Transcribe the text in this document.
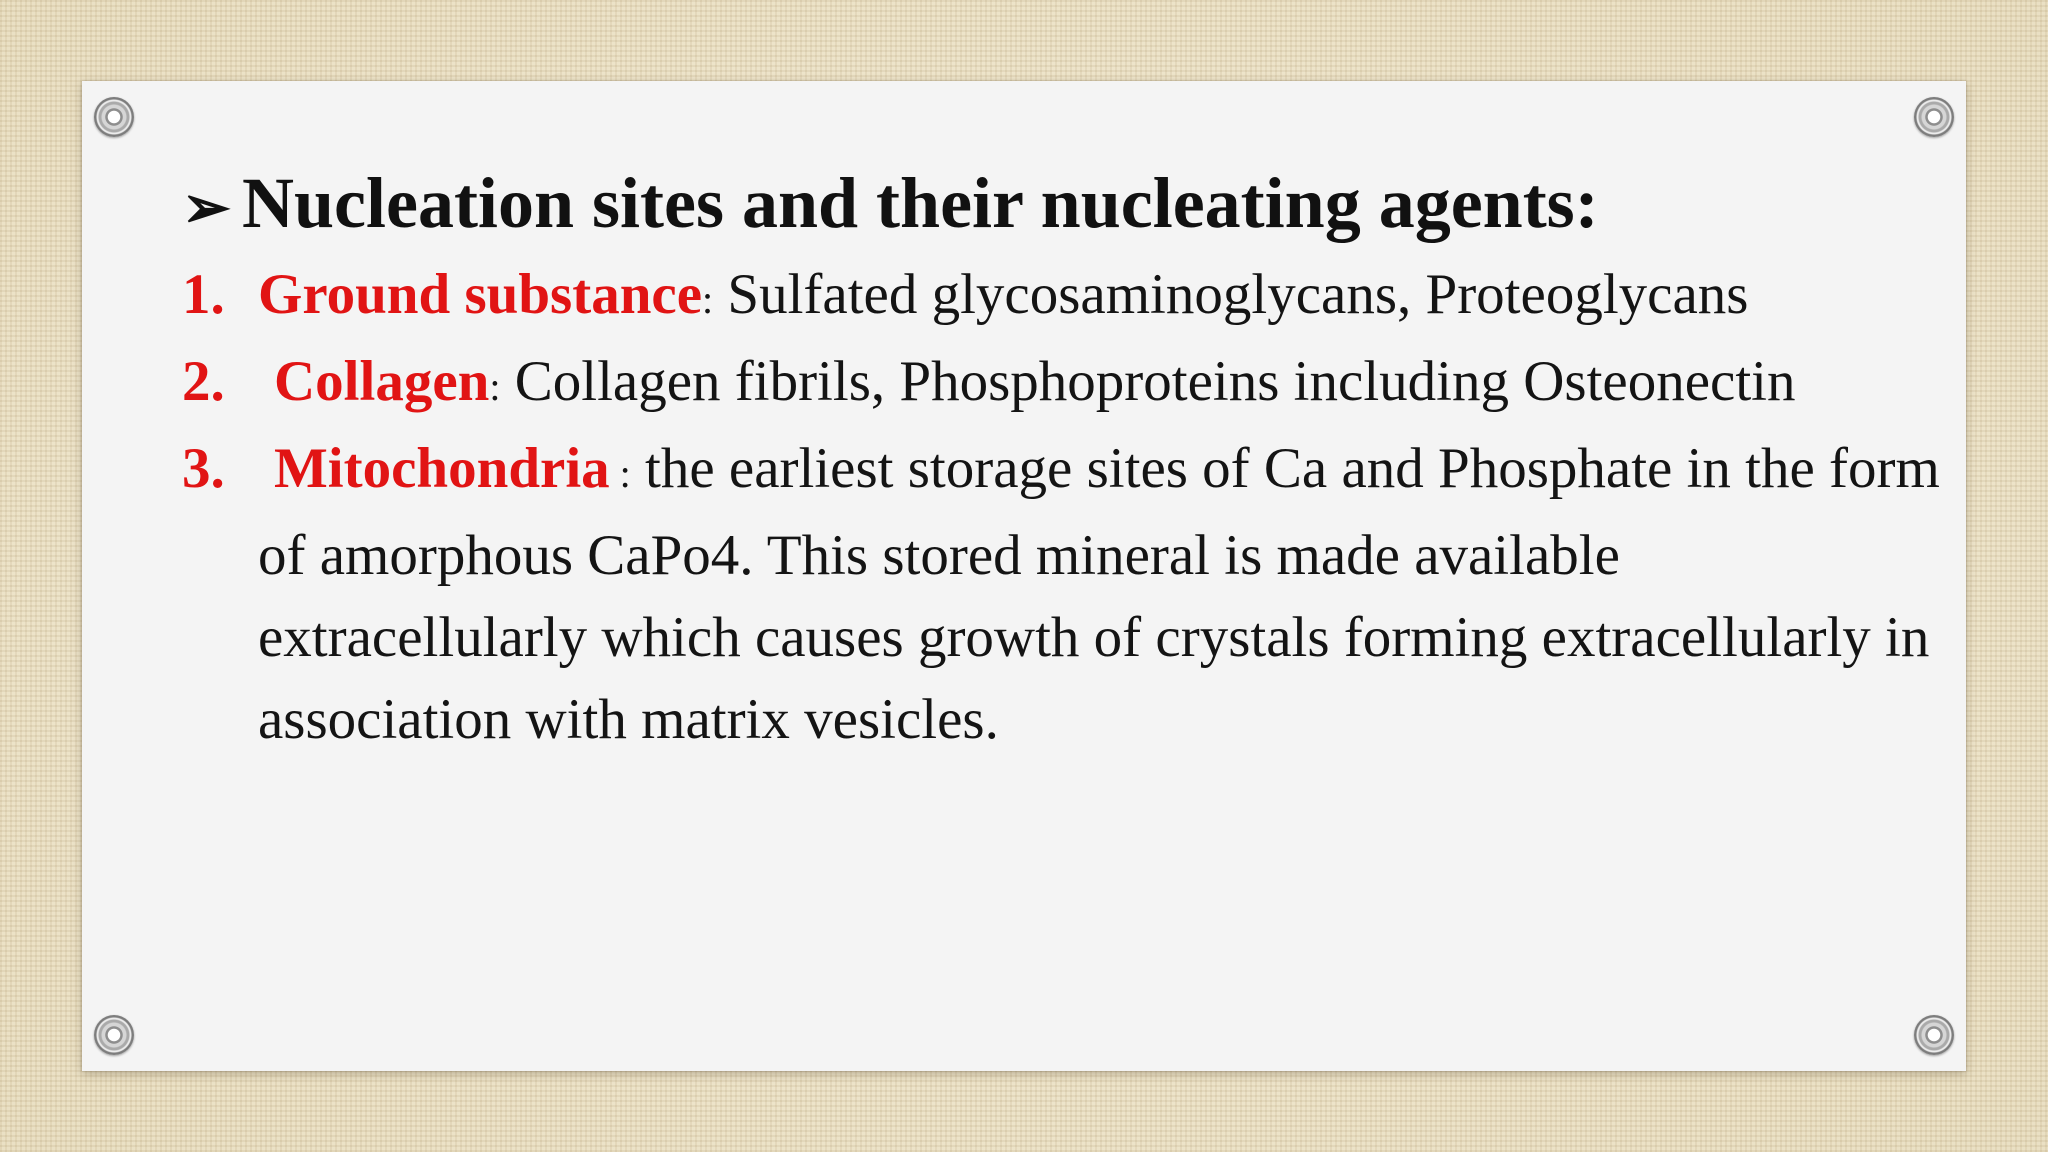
➢ Nucleation sites and their nucleating agents:
1. Ground substance: Sulfated glycosaminoglycans, Proteoglycans
2. Collagen: Collagen fibrils, Phosphoproteins including Osteonectin
3. Mitochondria : the earliest storage sites of Ca and Phosphate in the form of amorphous CaPo4. This stored mineral is made available extracellularly which causes growth of crystals forming extracellularly in association with matrix vesicles.
